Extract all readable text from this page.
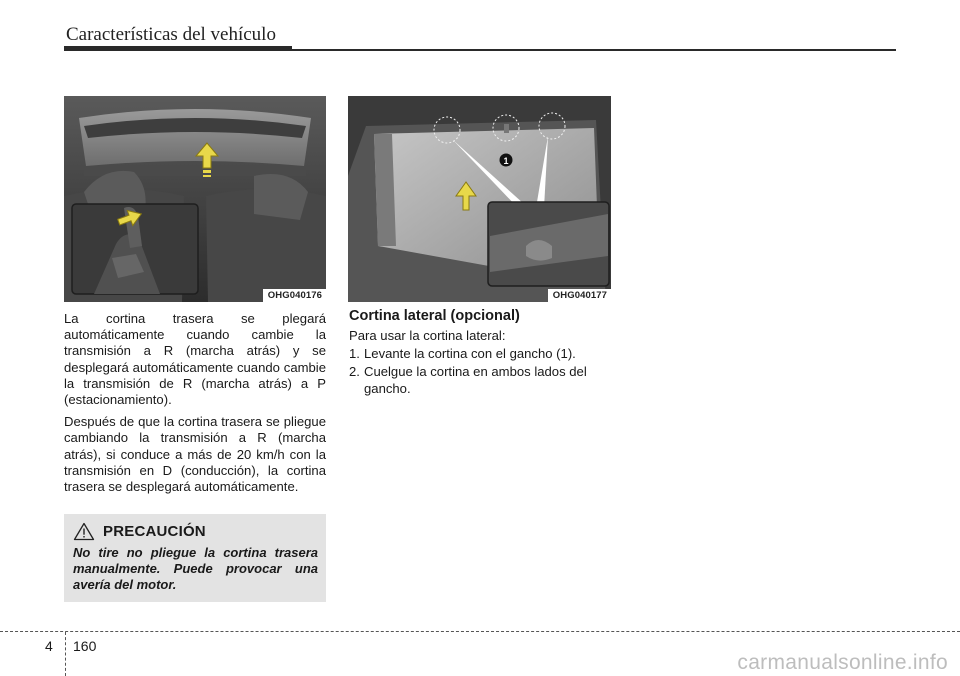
Características del vehículo
OHG040176
1
OHG040177

La cortina trasera se plegará automáticamente cuando cambie la transmisión a R (marcha atrás) y se desplegará automáticamente cuando cambie la transmisión de R (marcha atrás) a P (estacionamiento).

Después de que la cortina trasera se pliegue cambiando la transmisión a R (marcha atrás), si conduce a más de 20 km/h con la transmisión en D (conducción), la cortina trasera se desplegará automáticamente.

PRECAUCIÓN
No tire no pliegue la cortina trasera manualmente. Puede provocar una avería del motor.
Cortina lateral (opcional)
Para usar la cortina lateral:
1. Levante la cortina con el gancho (1).
2. Cuelgue la cortina en ambos lados del gancho.
4 160
carmanualsonline.info
